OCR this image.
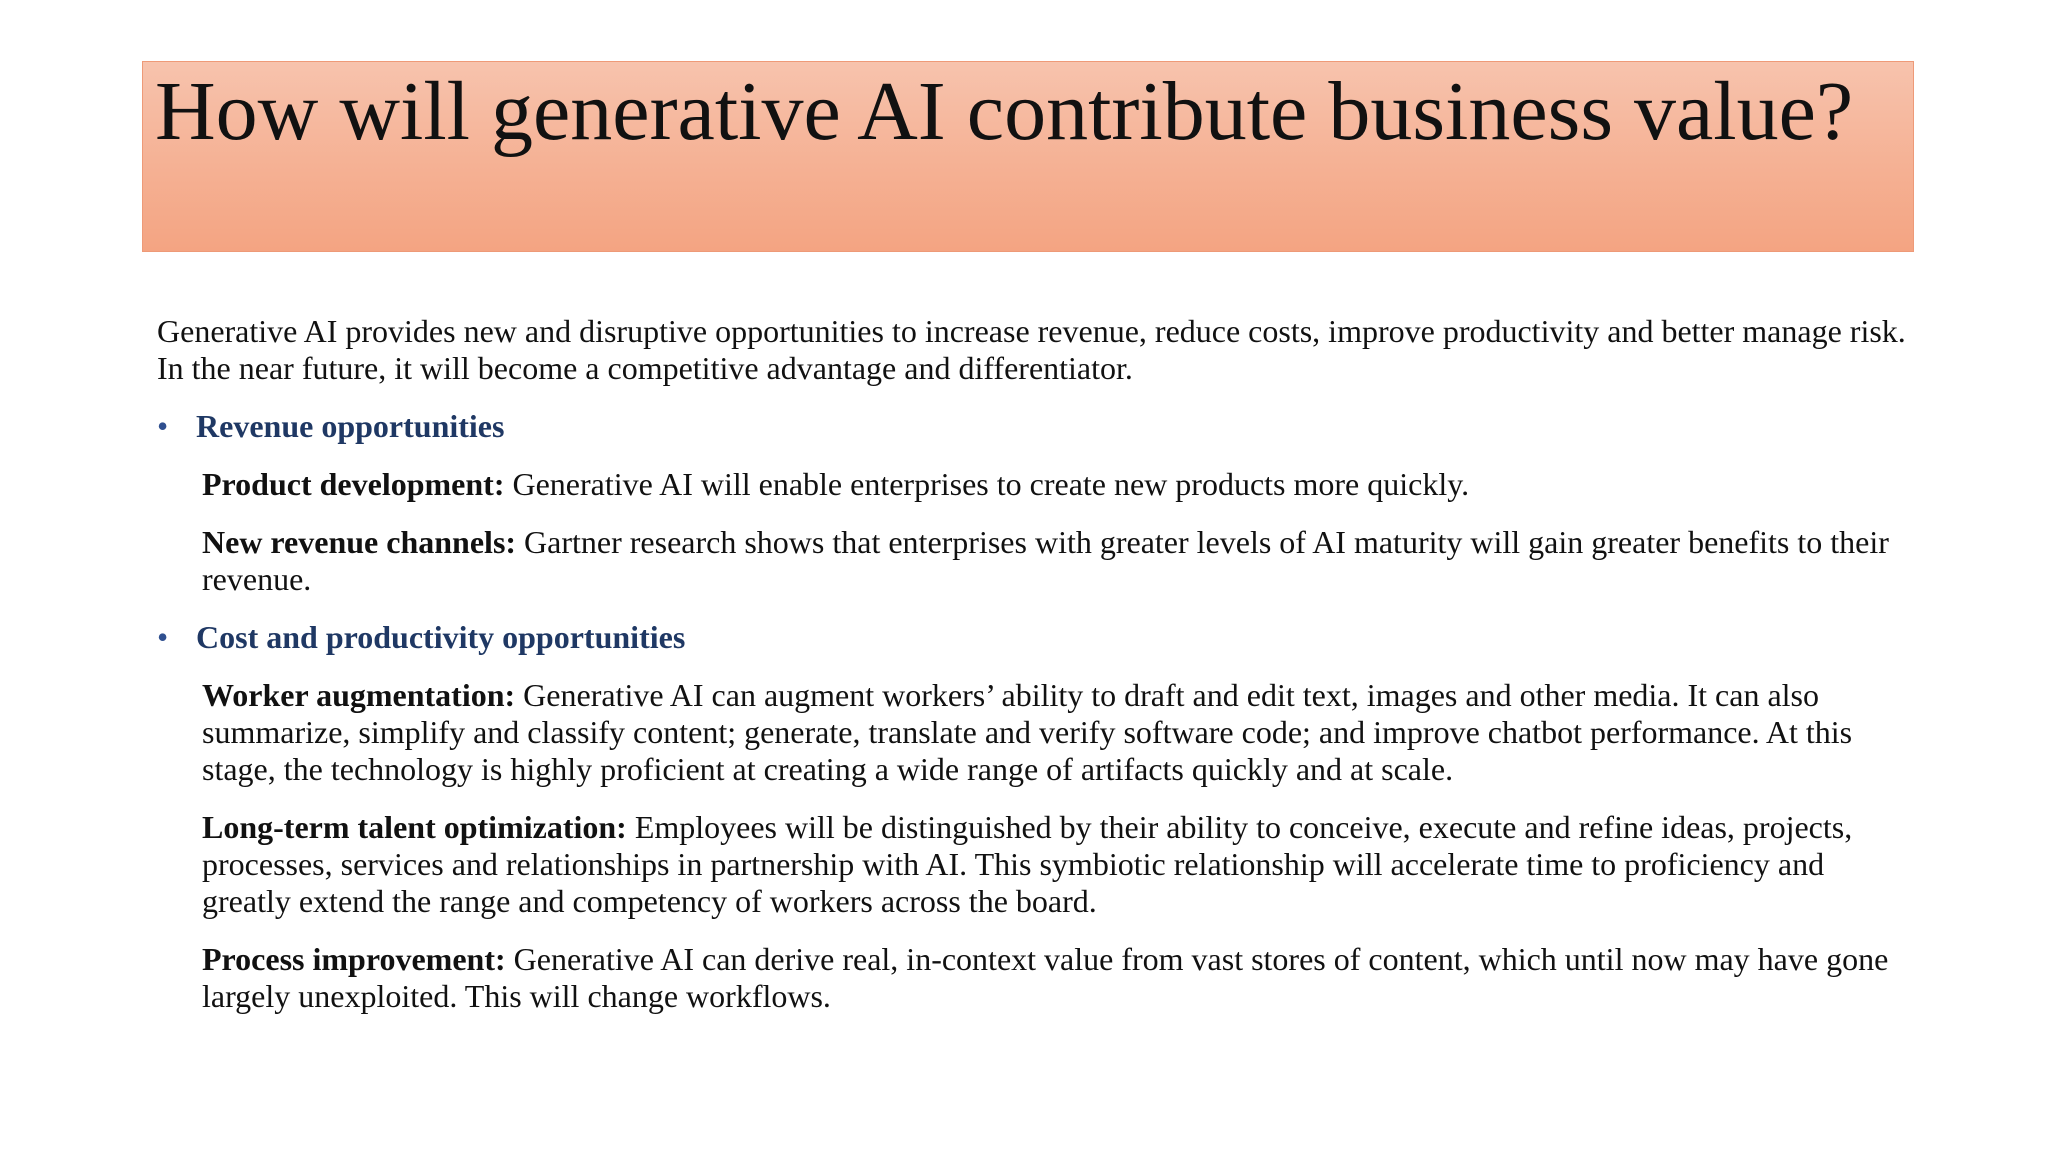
How will generative AI contribute business value?

Generative AI provides new and disruptive opportunities to increase revenue, reduce costs, improve productivity and better manage risk. In the near future, it will become a competitive advantage and differentiator.

• Revenue opportunities

Product development: Generative AI will enable enterprises to create new products more quickly.

New revenue channels: Gartner research shows that enterprises with greater levels of AI maturity will gain greater benefits to their revenue.

• Cost and productivity opportunities

Worker augmentation: Generative AI can augment workers’ ability to draft and edit text, images and other media. It can also summarize, simplify and classify content; generate, translate and verify software code; and improve chatbot performance. At this stage, the technology is highly proficient at creating a wide range of artifacts quickly and at scale.

Long-term talent optimization: Employees will be distinguished by their ability to conceive, execute and refine ideas, projects, processes, services and relationships in partnership with AI. This symbiotic relationship will accelerate time to proficiency and greatly extend the range and competency of workers across the board.

Process improvement: Generative AI can derive real, in-context value from vast stores of content, which until now may have gone largely unexploited. This will change workflows.
